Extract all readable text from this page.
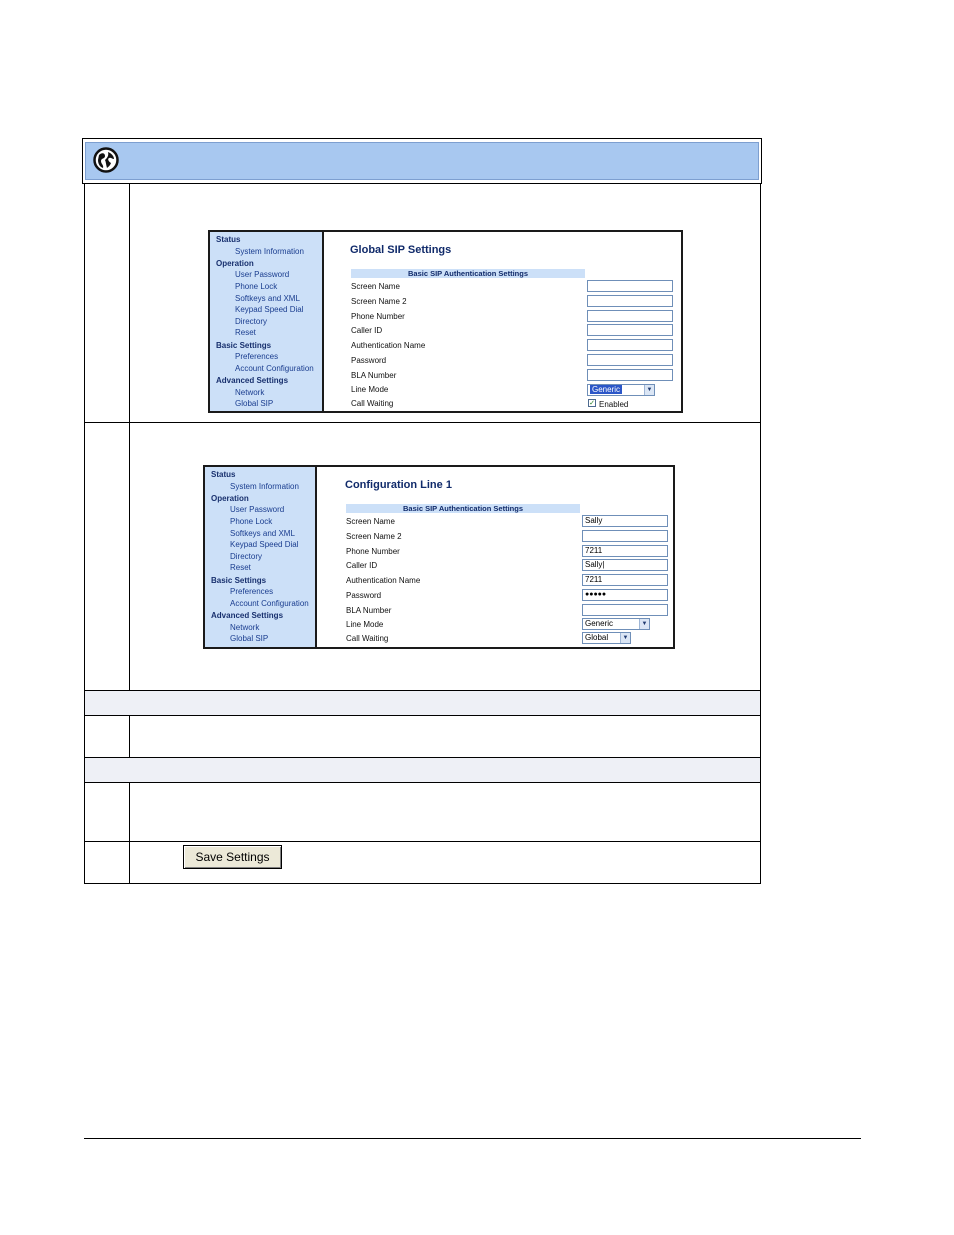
Status
System Information
Operation
User Password
Phone Lock
Softkeys and XML
Keypad Speed Dial
Directory
Reset
Basic Settings
Preferences
Account Configuration
Advanced Settings
Network
Global SIP
Global SIP Settings
Basic SIP Authentication Settings
Screen Name
Screen Name 2
Phone Number
Caller ID
Authentication Name
Password
BLA Number
Line Mode	Generic	▼
Call Waiting	✓ Enabled
Status
System Information
Operation
User Password
Phone Lock
Softkeys and XML
Keypad Speed Dial
Directory
Reset
Basic Settings
Preferences
Account Configuration
Advanced Settings
Network
Global SIP
Configuration Line 1
Basic SIP Authentication Settings
Screen Name	Sally
Screen Name 2
Phone Number	7211
Caller ID	Sally|
Authentication Name	7211
Password	●●●●●
BLA Number
Line Mode	Generic	▼
Call Waiting	Global	▼
Save Settings
